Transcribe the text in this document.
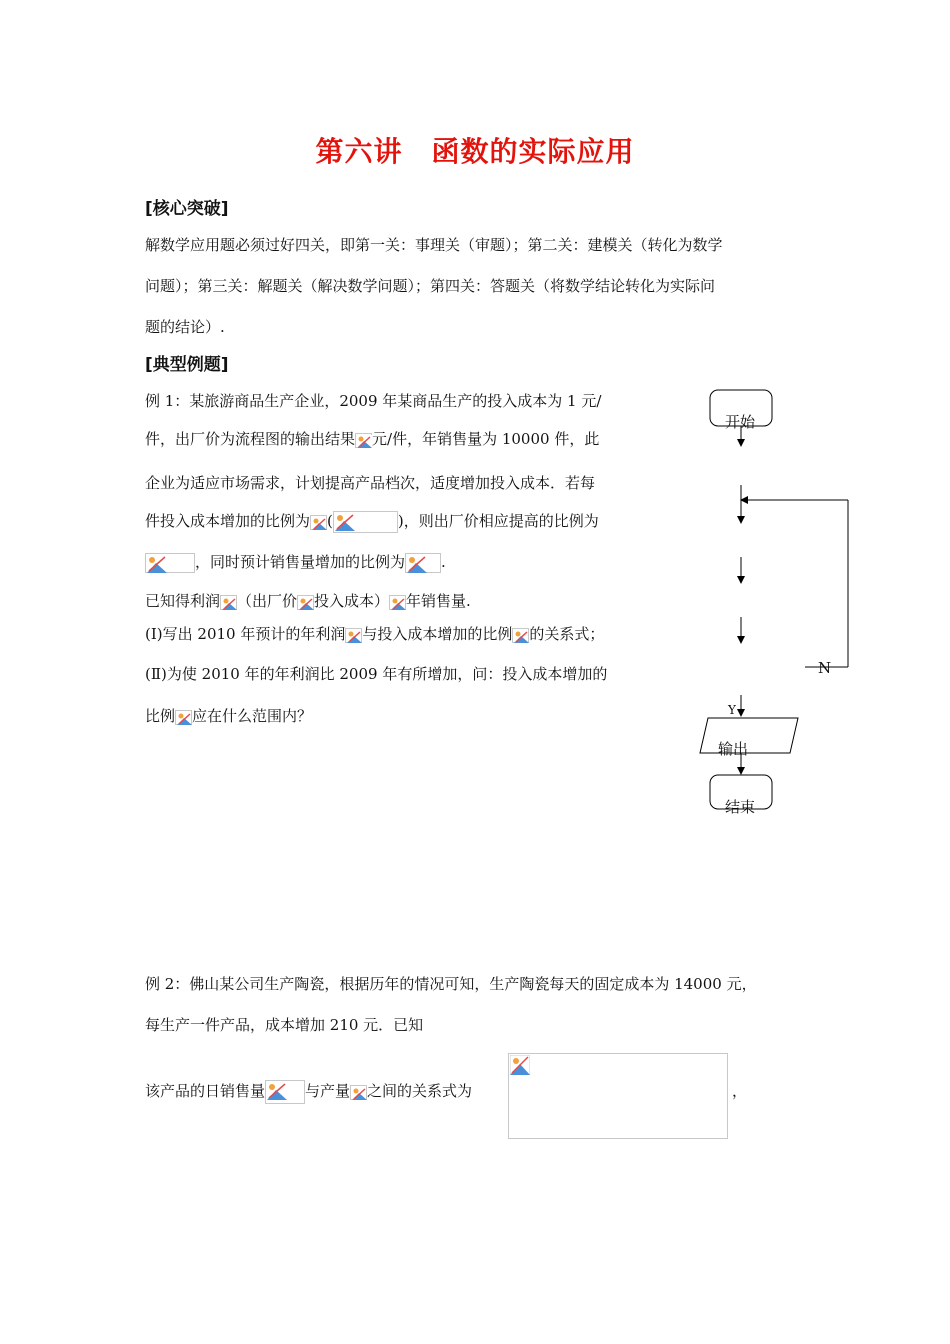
第六讲　函数的实际应用
[核心突破]
解数学应用题必须过好四关，即第一关：事理关（审题）；第二关：建模关（转化为数学
问题）；第三关：解题关（解决数学问题）；第四关：答题关（将数学结论转化为实际问
题的结论）.
[典型例题]
例 1：某旅游商品生产企业，2009 年某商品生产的投入成本为 1 元/
件，出厂价为流程图的输出结果 元/件，年销售量为 10000 件，此
企业为适应市场需求，计划提高产品档次，适度增加投入成本．若每
件投入成本增加的比例为 (	)，则出厂价相应提高的比例为
，同时预计销售量增加的比例为 .
已知得利润 （出厂价 投入成本） 年销售量.
(Ⅰ)写出 2010 年预计的年利润 与投入成本增加的比例 的关系式；
(Ⅱ)为使 2010 年的年利润比 2009 年有所增加，问：投入成本增加的
比例 应在什么范围内？
开始
N
Y
输出
结束
例 2：佛山某公司生产陶瓷，根据历年的情况可知，生产陶瓷每天的固定成本为 14000 元，
每生产一件产品，成本增加 210 元．已知
该产品的日销售量	与产量 之间的关系式为	，
